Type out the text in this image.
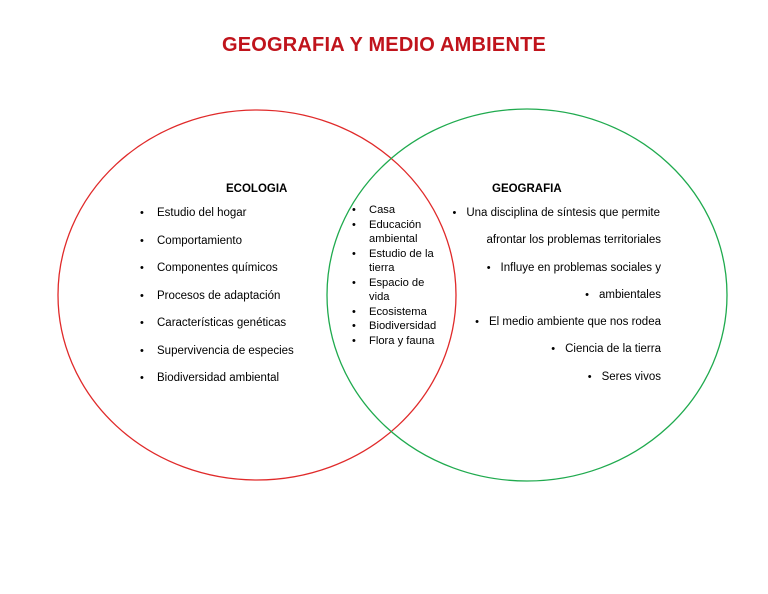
GEOGRAFIA Y MEDIO AMBIENTE
ECOLOGIA	GEOGRAFIA
• Estudio del hogar
• Comportamiento
• Componentes químicos
• Procesos de adaptación
• Características genéticas
• Supervivencia de especies
• Biodiversidad ambiental
• Casa
• Educación ambiental
• Estudio de la tierra
• Espacio de vida
• Ecosistema
• Biodiversidad
• Flora y fauna
• Una disciplina de síntesis que permite
afrontar los problemas territoriales
• Influye en problemas sociales y
• ambientales
• El medio ambiente que nos rodea
• Ciencia de la tierra
• Seres vivos
